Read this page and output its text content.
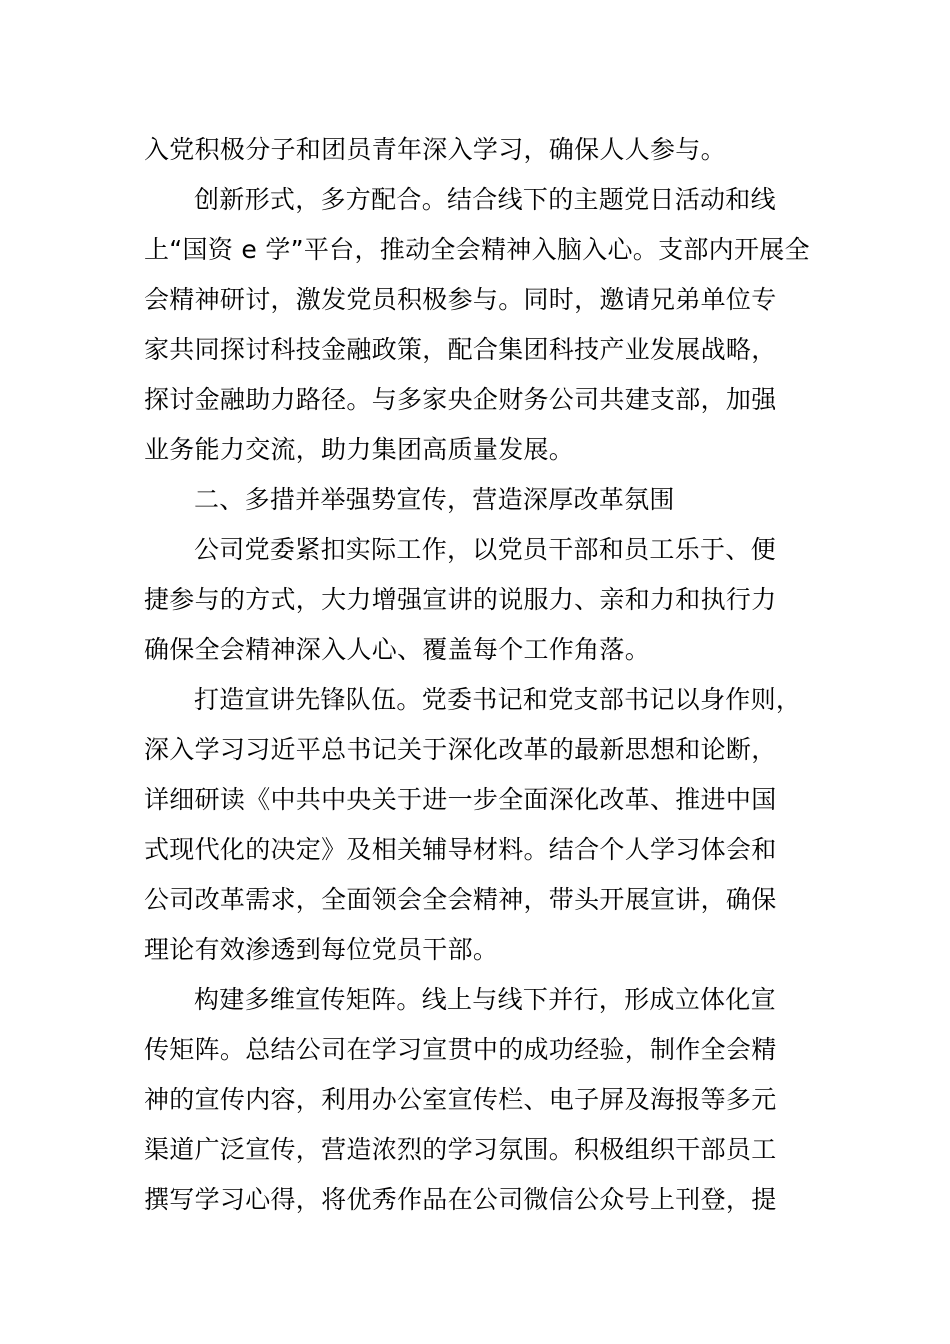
入党积极分子和团员青年深入学习，确保人人参与。
创新形式，多方配合。结合线下的主题党日活动和线
上“国资 e 学”平台，推动全会精神入脑入心。支部内开展全
会精神研讨，激发党员积极参与。同时，邀请兄弟单位专
家共同探讨科技金融政策，配合集团科技产业发展战略，
探讨金融助力路径。与多家央企财务公司共建支部，加强
业务能力交流，助力集团高质量发展。
二、多措并举强势宣传，营造深厚改革氛围
公司党委紧扣实际工作，以党员干部和员工乐于、便
捷参与的方式，大力增强宣讲的说服力、亲和力和执行力
确保全会精神深入人心、覆盖每个工作角落。
打造宣讲先锋队伍。党委书记和党支部书记以身作则，
深入学习习近平总书记关于深化改革的最新思想和论断，
详细研读《中共中央关于进一步全面深化改革、推进中国
式现代化的决定》及相关辅导材料。结合个人学习体会和
公司改革需求，全面领会全会精神，带头开展宣讲，确保
理论有效渗透到每位党员干部。
构建多维宣传矩阵。线上与线下并行，形成立体化宣
传矩阵。总结公司在学习宣贯中的成功经验，制作全会精
神的宣传内容，利用办公室宣传栏、电子屏及海报等多元
渠道广泛宣传，营造浓烈的学习氛围。积极组织干部员工
撰写学习心得，将优秀作品在公司微信公众号上刊登，提
